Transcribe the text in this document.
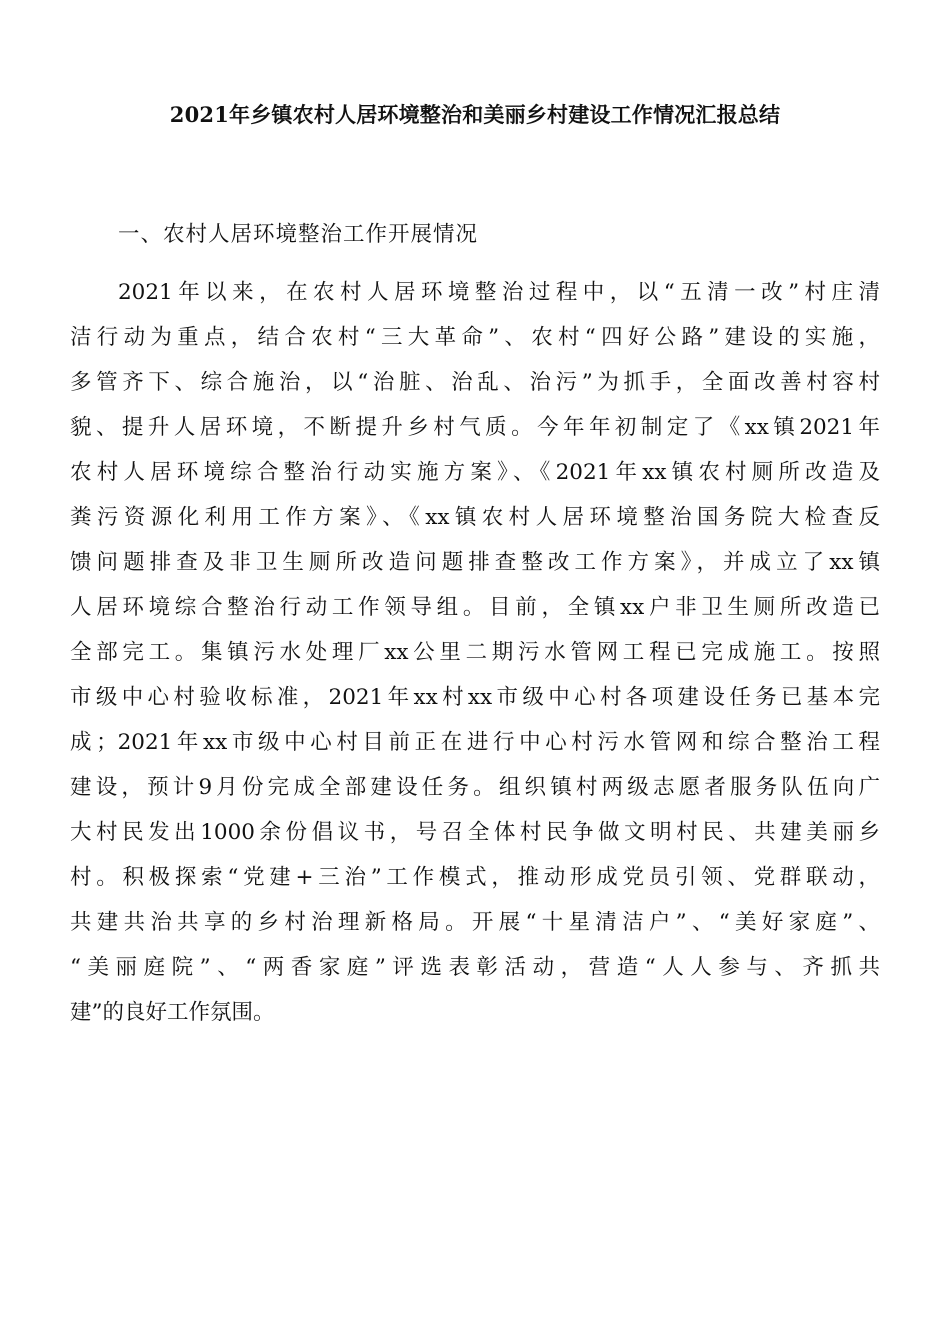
2021年乡镇农村人居环境整治和美丽乡村建设工作情况汇报总结

一、农村人居环境整治工作开展情况

2021年以来，在农村人居环境整治过程中，以“五清一改”村庄清
洁行动为重点，结合农村“三大革命”、农村“四好公路”建设的实施，
多管齐下、综合施治，以“治脏、治乱、治污”为抓手，全面改善村容村
貌、提升人居环境，不断提升乡村气质。今年年初制定了《xx镇2021年
农村人居环境综合整治行动实施方案》、《2021年xx镇农村厕所改造及
粪污资源化利用工作方案》、《xx镇农村人居环境整治国务院大检查反
馈问题排查及非卫生厕所改造问题排查整改工作方案》，并成立了xx镇
人居环境综合整治行动工作领导组。目前，全镇xx户非卫生厕所改造已
全部完工。集镇污水处理厂xx公里二期污水管网工程已完成施工。按照
市级中心村验收标准，2021年xx村xx市级中心村各项建设任务已基本完
成；2021年xx市级中心村目前正在进行中心村污水管网和综合整治工程
建设，预计9月份完成全部建设任务。组织镇村两级志愿者服务队伍向广
大村民发出1000余份倡议书，号召全体村民争做文明村民、共建美丽乡
村。积极探索“党建+三治”工作模式，推动形成党员引领、党群联动，
共建共治共享的乡村治理新格局。开展“十星清洁户”、“美好家庭”、
“美丽庭院”、“两香家庭”评选表彰活动，营造“人人参与、齐抓共
建”的良好工作氛围。
